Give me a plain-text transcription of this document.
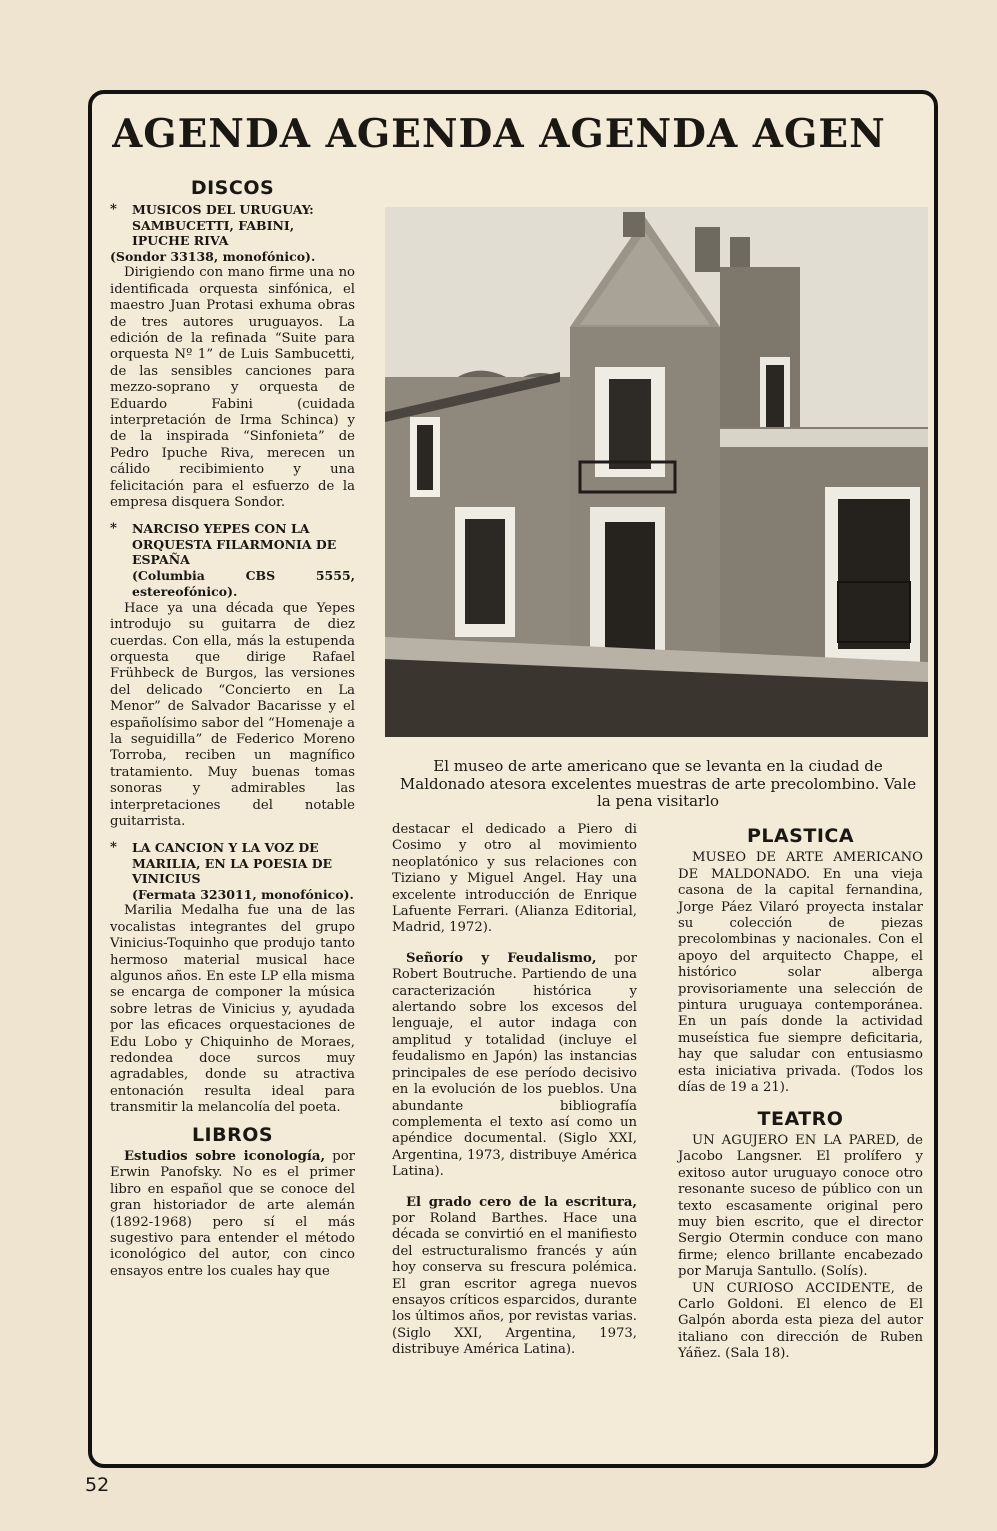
AGENDA AGENDA AGENDA AGEN
DISCOS
*	MUSICOS DEL URUGUAY: SAMBUCETTI, FABINI, IPUCHE RIVA

(Sondor 33138, monofónico).

Dirigiendo con mano firme una no identificada orquesta sinfónica, el maestro Juan Protasi exhuma obras de tres autores uruguayos. La edición de la refinada “Suite para orquesta Nº 1” de Luis Sambucetti, de las sensibles canciones para mezzo-soprano y orquesta de Eduardo Fabini (cuidada interpretación de Irma Schinca) y de la inspirada “Sinfonieta” de Pedro Ipuche Riva, merecen un cálido recibimiento y una felicitación para el esfuerzo de la empresa disquera Sondor.

*	NARCISO YEPES CON LA ORQUESTA FILARMONIA DE ESPAÑA

(Columbia CBS 5555, estereofónico).

Hace ya una década que Yepes introdujo su guitarra de diez cuerdas. Con ella, más la estupenda orquesta que dirige Rafael Frühbeck de Burgos, las versiones del delicado “Concierto en La Menor” de Salvador Bacarisse y el españolísimo sabor del “Homenaje a la seguidilla” de Federico Moreno Torroba, reciben un magnífico tratamiento. Muy buenas tomas sonoras y admirables las interpretaciones del notable guitarrista.

*	LA CANCION Y LA VOZ DE MARILIA, EN LA POESIA DE VINICIUS

(Fermata 323011, monofónico).

Marilia Medalha fue una de las vocalistas integrantes del grupo Vinicius-Toquinho que produjo tanto hermoso material musical hace algunos años. En este LP ella misma se encarga de componer la música sobre letras de Vinicius y, ayudada por las eficaces orquestaciones de Edu Lobo y Chiquinho de Moraes, redondea doce surcos muy agradables, donde su atractiva entonación resulta ideal para transmitir la melancolía del poeta.

LIBROS

Estudios sobre iconología, por Erwin Panofsky. No es el primer libro en español que se conoce del gran historiador de arte alemán (1892-1968) pero sí el más sugestivo para entender el método iconológico del autor, con cinco ensayos entre los cuales hay que

El museo de arte americano que se levanta en la ciudad de Maldonado atesora excelentes muestras de arte precolombino. Vale la pena visitarlo

destacar el dedicado a Piero di Cosimo y otro al movimiento neoplatónico y sus relaciones con Tiziano y Miguel Angel. Hay una excelente introducción de Enrique Lafuente Ferrari. (Alianza Editorial, Madrid, 1972).

Señorío y Feudalismo, por Robert Boutruche. Partiendo de una caracterización histórica y alertando sobre los excesos del lenguaje, el autor indaga con amplitud y totalidad (incluye el feudalismo en Japón) las instancias principales de ese período decisivo en la evolución de los pueblos. Una abundante bibliografía complementa el texto así como un apéndice documental. (Siglo XXI, Argentina, 1973, distribuye América Latina).

El grado cero de la escritura, por Roland Barthes. Hace una década se convirtió en el manifiesto del estructuralismo francés y aún hoy conserva su frescura polémica. El gran escritor agrega nuevos ensayos críticos esparcidos, durante los últimos años, por revistas varias. (Siglo XXI, Argentina, 1973, distribuye América Latina).

PLASTICA

MUSEO DE ARTE AMERICANO DE MALDONADO. En una vieja casona de la capital fernandina, Jorge Páez Vilaró proyecta instalar su colección de piezas precolombinas y nacionales. Con el apoyo del arquitecto Chappe, el histórico solar alberga provisoriamente una selección de pintura uruguaya contemporánea. En un país donde la actividad museística fue siempre deficitaria, hay que saludar con entusiasmo esta iniciativa privada. (Todos los días de 19 a 21).

TEATRO

UN AGUJERO EN LA PARED, de Jacobo Langsner. El prolífero y exitoso autor uruguayo conoce otro resonante suceso de público con un texto escasamente original pero muy bien escrito, que el director Sergio Otermin conduce con mano firme; elenco brillante encabezado por Maruja Santullo. (Solís).

UN CURIOSO ACCIDENTE, de Carlo Goldoni. El elenco de El Galpón aborda esta pieza del autor italiano con dirección de Ruben Yáñez. (Sala 18).

52
